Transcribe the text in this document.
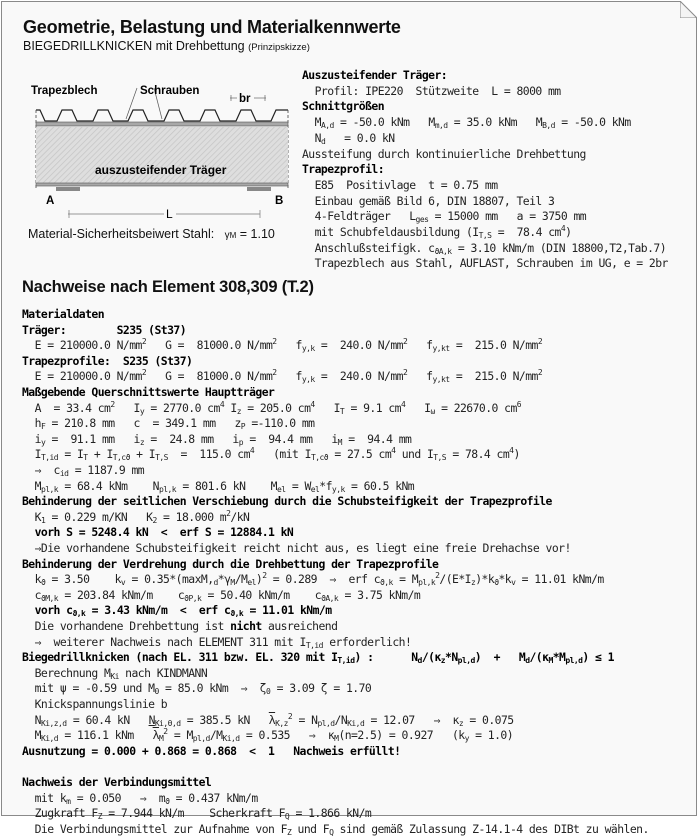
Geometrie, Belastung und Materialkennwerte
BIEGEDRILLKNICKEN mit Drehbettung (Prinzipskizze)
Trapezblech	Schrauben
br
auszusteifender Träger
A	B
L
Material-Sicherheitsbeiwert Stahl: γM = 1.10

Auszusteifender Träger:

Profil: IPE220  Stützweite  L = 8000 mm

Schnittgrößen

$M_{A,d} = -50.0$ kNm   $M_{m,d} = 35.0$ kNm   $M_{B,d} = -50.0$ kNm

$N_d = 0.0$ kN

Aussteifung durch kontinuierliche Drehbettung

Trapezprofil:

E85  Positivlage  t = 0.75 mm

Einbau gemäß Bild 6, DIN 18807, Teil 3

4-Feldträger   $L_{ges} = 15000$ mm   a = 3750 mm

mit Schubfeldausbildung ($I_{T,S} = 78.4$ $cm^4$)

Anschlußsteifigk. $c_{ϑA,k} = 3.10$ kNm/m (DIN 18800,T2,Tab.7)

Trapezblech aus Stahl, AUFLAST, Schrauben im UG, e = 2br

Nachweise nach Element 308,309 (T.2)

Materialdaten

Träger:        S235 (St37)

E = 210000.0 $N/mm^2$   G =  81000.0 $N/mm^2$   $f_{y,k} = 240.0$ $N/mm^2$   $f_{y,kt} = 215.0$ $N/mm^2$

Trapezprofile:  S235 (St37)

E = 210000.0 $N/mm^2$   G =  81000.0 $N/mm^2$   $f_{y,k} = 240.0$ $N/mm^2$   $f_{y,kt} = 215.0$ $N/mm^2$

Maßgebende Querschnittswerte Hauptträger

A  = 33.4 $cm^2$   $I_y = 2770.0$ $cm^4$ $I_z = 205.0$ $cm^4$   $I_T = 9.1$ $cm^4$   $I_\omega = 22670.0$ $cm^6$

$h_F = 210.8$ mm   c  = 349.1 mm   $z_P =-110.0$ mm

$i_y = 91.1$ mm   $i_z = 24.8$ mm   $i_p = 94.4$ mm   $i_M = 94.4$ mm

$I_{T,id} = I_T + I_{T,cϑ} + I_{T,S} = 115.0$ $cm^4$   (mit $I_{T,cϑ} = 27.5$ $cm^4$ und $I_{T,S} = 78.4$ $cm^4$)

⇒  $c_{id} = 1187.9$ mm

$M_{pl,k} = 68.4$ kNm    $N_{pl,k} = 801.6$ kN    $M_{el} = W_{el}*f_{y,k} = 60.5$ kNm

Behinderung der seitlichen Verschiebung durch die Schubsteifigkeit der Trapezprofile

$K_1 = 0.229$ m/KN   $K_2 = 18.000$ $m^2/kN$

vorh S = 5248.4 kN  <  erf S = 12884.1 kN

⇒Die vorhandene Schubsteifigkeit reicht nicht aus, es liegt eine freie Drehachse vor!

Behinderung der Verdrehung durch die Drehbettung der Trapezprofile

$k_ϑ = 3.50$    $k_v = 0.35*(\max M,_d*\gamma_M/M_{el})^2 = 0.289$  ⇒  erf $c_{ϑ,k} = M_{pl,k}^2/(E*I_z)*k_ϑ*k_v = 11.01$ kNm/m

$c_{ϑM,k} = 203.84$ kNm/m    $c_{ϑP,k} = 50.40$ kNm/m    $c_{ϑA,k} = 3.75$ kNm/m

vorh $c_{ϑ,k} = 3.43$ kNm/m  <  erf $c_{ϑ,k} = 11.01$ kNm/m

Die vorhandene Drehbettung ist nicht ausreichend

⇒  weiterer Nachweis nach ELEMENT 311 mit $I_{T,id}$ erforderlich!

Biegedrillknicken (nach EL. 311 bzw. EL. 320 mit $I_{T,id}$) :      $N_d/(\kappa_z*N_{pl,d}) + M_d/(\kappa_M*M_{pl,d}) \le 1$

Berechnung $M_{Ki}$ nach KINDMANN

mit ψ = -0.59 und $M_0 = 85.0$ kNm  ⇒  $\zeta_0 = 3.09$ ζ = 1.70

Knickspannungslinie b

$N_{Ki,z,d} = 60.4$ kN   $N_{Ki,\theta,d} = 385.5$ kN   $\overline{\lambda}_{K,z}^2 = N_{pl,d}/N_{Ki,d} = 12.07$   ⇒  $\kappa_z = 0.075$

$M_{Ki,d} = 116.1$ kNm   $\overline{\lambda}_M^2 = M_{pl,d}/M_{Ki,d} = 0.535$   ⇒  $\kappa_M(n=2.5) = 0.927$   $(k_y = 1.0)$

Ausnutzung = 0.000 + 0.868 = 0.868  <  1   Nachweis erfüllt!

Nachweis der Verbindungsmittel

mit $k_m = 0.050$   ⇒  $m_ϑ = 0.437$ kNm/m

Zugkraft $F_Z = 7.944$ kN/m    Scherkraft $F_Q = 1.866$ kN/m

Die Verbindungsmittel zur Aufnahme von $F_Z$ und $F_Q$ sind gemäß Zulassung Z-14.1-4 des DIBt zu wählen.
